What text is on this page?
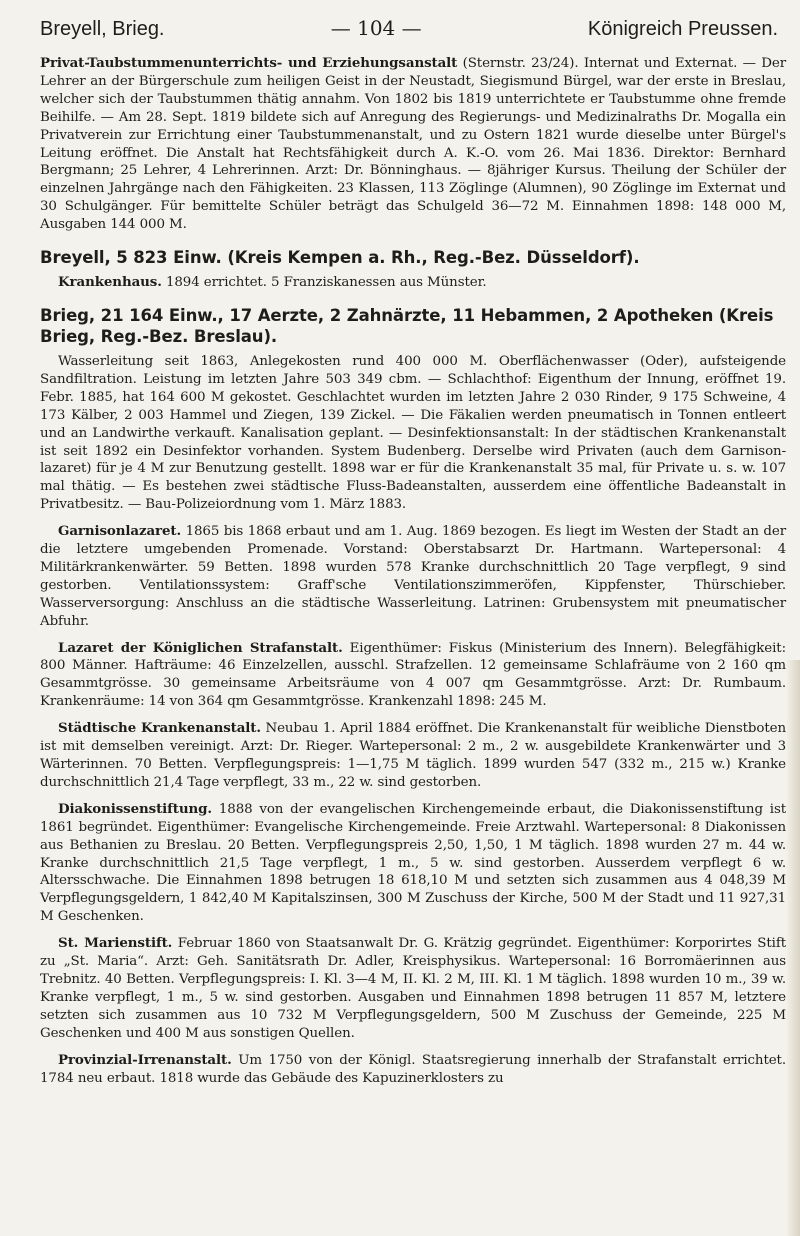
Breyell, Brieg.	— 104 —	Königreich Preussen.

Privat-Taubstummenunterrichts- und Erziehungsanstalt (Sternstr. 23/24). Internat und Externat. — Der Lehrer an der Bürgerschule zum heiligen Geist in der Neustadt, Siegismund Bürgel, war der erste in Breslau, welcher sich der Taubstummen thätig annahm. Von 1802 bis 1819 unterrichtete er Taubstumme ohne fremde Beihilfe. — Am 28. Sept. 1819 bildete sich auf Anregung des Regierungs- und Medizinalraths Dr. Mogalla ein Privatverein zur Errichtung einer Taubstummenanstalt, und zu Ostern 1821 wurde dieselbe unter Bürgel's Leitung eröffnet. Die Anstalt hat Rechtsfähigkeit durch A. K.-O. vom 26. Mai 1836. Direktor: Bernhard Bergmann; 25 Lehrer, 4 Lehrerinnen. Arzt: Dr. Bönninghaus. — 8jähriger Kursus. Theilung der Schüler der einzelnen Jahrgänge nach den Fähigkeiten. 23 Klassen, 113 Zöglinge (Alumnen), 90 Zöglinge im Externat und 30 Schulgänger. Für bemittelte Schüler beträgt das Schulgeld 36—72 M. Einnahmen 1898: 148 000 M, Ausgaben 144 000 M.

Breyell, 5 823 Einw. (Kreis Kempen a. Rh., Reg.-Bez. Düsseldorf).

Krankenhaus. 1894 errichtet. 5 Franziskanessen aus Münster.

Brieg, 21 164 Einw., 17 Aerzte, 2 Zahnärzte, 11 Hebammen, 2 Apotheken (Kreis Brieg, Reg.-Bez. Breslau).

Wasserleitung seit 1863, Anlegekosten rund 400 000 M. Oberflächenwasser (Oder), aufsteigende Sandfiltration. Leistung im letzten Jahre 503 349 cbm. — Schlachthof: Eigenthum der Innung, eröffnet 19. Febr. 1885, hat 164 600 M gekostet. Geschlachtet wurden im letzten Jahre 2 030 Rinder, 9 175 Schweine, 4 173 Kälber, 2 003 Hammel und Ziegen, 139 Zickel. — Die Fäkalien werden pneumatisch in Tonnen entleert und an Landwirthe verkauft. Kanalisation geplant. — Desinfektionsanstalt: In der städtischen Krankenanstalt ist seit 1892 ein Desinfektor vorhanden. System Budenberg. Derselbe wird Privaten (auch dem Garnison-lazaret) für je 4 M zur Benutzung gestellt. 1898 war er für die Krankenanstalt 35 mal, für Private u. s. w. 107 mal thätig. — Es bestehen zwei städtische Fluss-Badeanstalten, ausserdem eine öffentliche Badeanstalt in Privatbesitz. — Bau-Polizeiordnung vom 1. März 1883.

Garnisonlazaret. 1865 bis 1868 erbaut und am 1. Aug. 1869 bezogen. Es liegt im Westen der Stadt an der die letztere umgebenden Promenade. Vorstand: Oberstabsarzt Dr. Hartmann. Wartepersonal: 4 Militärkrankenwärter. 59 Betten. 1898 wurden 578 Kranke durchschnittlich 20 Tage verpflegt, 9 sind gestorben. Ventilationssystem: Graff'sche Ventilationszimmeröfen, Kippfenster, Thürschieber. Wasserversorgung: Anschluss an die städtische Wasserleitung. Latrinen: Grubensystem mit pneumatischer Abfuhr.

Lazaret der Königlichen Strafanstalt. Eigenthümer: Fiskus (Ministerium des Innern). Belegfähigkeit: 800 Männer. Hafträume: 46 Einzelzellen, ausschl. Strafzellen. 12 gemeinsame Schlafräume von 2 160 qm Gesammtgrösse. 30 gemeinsame Arbeitsräume von 4 007 qm Gesammtgrösse. Arzt: Dr. Rumbaum. Krankenräume: 14 von 364 qm Gesammtgrösse. Krankenzahl 1898: 245 M.

Städtische Krankenanstalt. Neubau 1. April 1884 eröffnet. Die Krankenanstalt für weibliche Dienstboten ist mit demselben vereinigt. Arzt: Dr. Rieger. Wartepersonal: 2 m., 2 w. ausgebildete Krankenwärter und 3 Wärterinnen. 70 Betten. Verpflegungspreis: 1—1,75 M täglich. 1899 wurden 547 (332 m., 215 w.) Kranke durchschnittlich 21,4 Tage verpflegt, 33 m., 22 w. sind gestorben.

Diakonissenstiftung. 1888 von der evangelischen Kirchengemeinde erbaut, die Diakonissenstiftung ist 1861 begründet. Eigenthümer: Evangelische Kirchengemeinde. Freie Arztwahl. Wartepersonal: 8 Diakonissen aus Bethanien zu Breslau. 20 Betten. Verpflegungspreis 2,50, 1,50, 1 M täglich. 1898 wurden 27 m. 44 w. Kranke durchschnittlich 21,5 Tage verpflegt, 1 m., 5 w. sind gestorben. Ausserdem verpflegt 6 w. Altersschwache. Die Einnahmen 1898 betrugen 18 618,10 M und setzten sich zusammen aus 4 048,39 M Verpflegungsgeldern, 1 842,40 M Kapitalszinsen, 300 M Zuschuss der Kirche, 500 M der Stadt und 11 927,31 M Geschenken.

St. Marienstift. Februar 1860 von Staatsanwalt Dr. G. Krätzig gegründet. Eigenthümer: Korporirtes Stift zu „St. Maria“. Arzt: Geh. Sanitätsrath Dr. Adler, Kreisphysikus. Wartepersonal: 16 Borromäerinnen aus Trebnitz. 40 Betten. Verpflegungspreis: I. Kl. 3—4 M, II. Kl. 2 M, III. Kl. 1 M täglich. 1898 wurden 10 m., 39 w. Kranke verpflegt, 1 m., 5 w. sind gestorben. Ausgaben und Einnahmen 1898 betrugen 11 857 M, letztere setzten sich zusammen aus 10 732 M Verpflegungsgeldern, 500 M Zuschuss der Gemeinde, 225 M Geschenken und 400 M aus sonstigen Quellen.

Provinzial-Irrenanstalt. Um 1750 von der Königl. Staatsregierung innerhalb der Strafanstalt errichtet. 1784 neu erbaut. 1818 wurde das Gebäude des Kapuzinerklosters zu
